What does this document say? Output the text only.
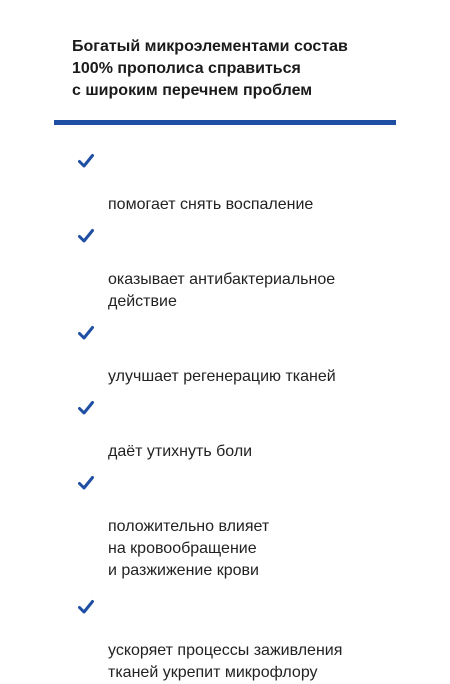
Богатый микроэлементами состав
100% прополиса справиться
с широким перечнем проблем

помогает снять воспаление

оказывает антибактериальное
действие

улучшает регенерацию тканей

даёт утихнуть боли

положительно влияет
на кровообращение
и разжижение крови

ускоряет процессы заживления
тканей укрепит микрофлору
